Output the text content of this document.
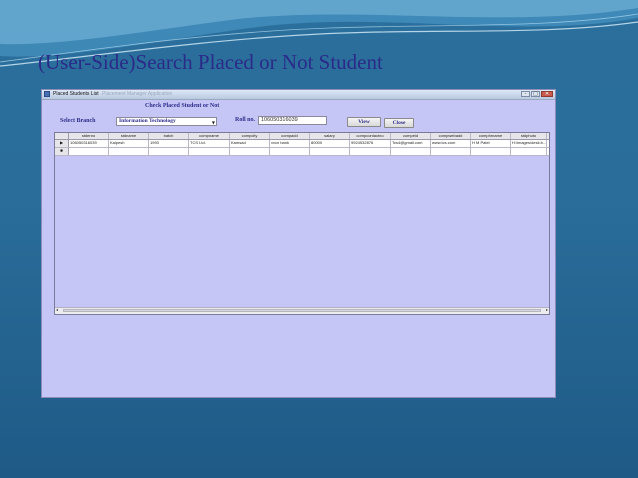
(User-Side)Search Placed or Not Student
Placed Students List Placement Manager Application	-	□	✕
Check Placed Student or Not
Select Branch	Information Technology	▼	Roll no.	106050316039	View	Close
stdenro	stdname	batch	compname	compcity	compadd	salary	compcontactno	compeid	compwebadd	comphrname	stdphoto
▶	106050316039	Kalpesh	1993	TCS Ltd.	Kamsad	vvcn bank	80000	9924532876	Tcs4@gmail.com	www.tcs.com	H M Patel	H:\images\desk.b...
✱
◂	▸
